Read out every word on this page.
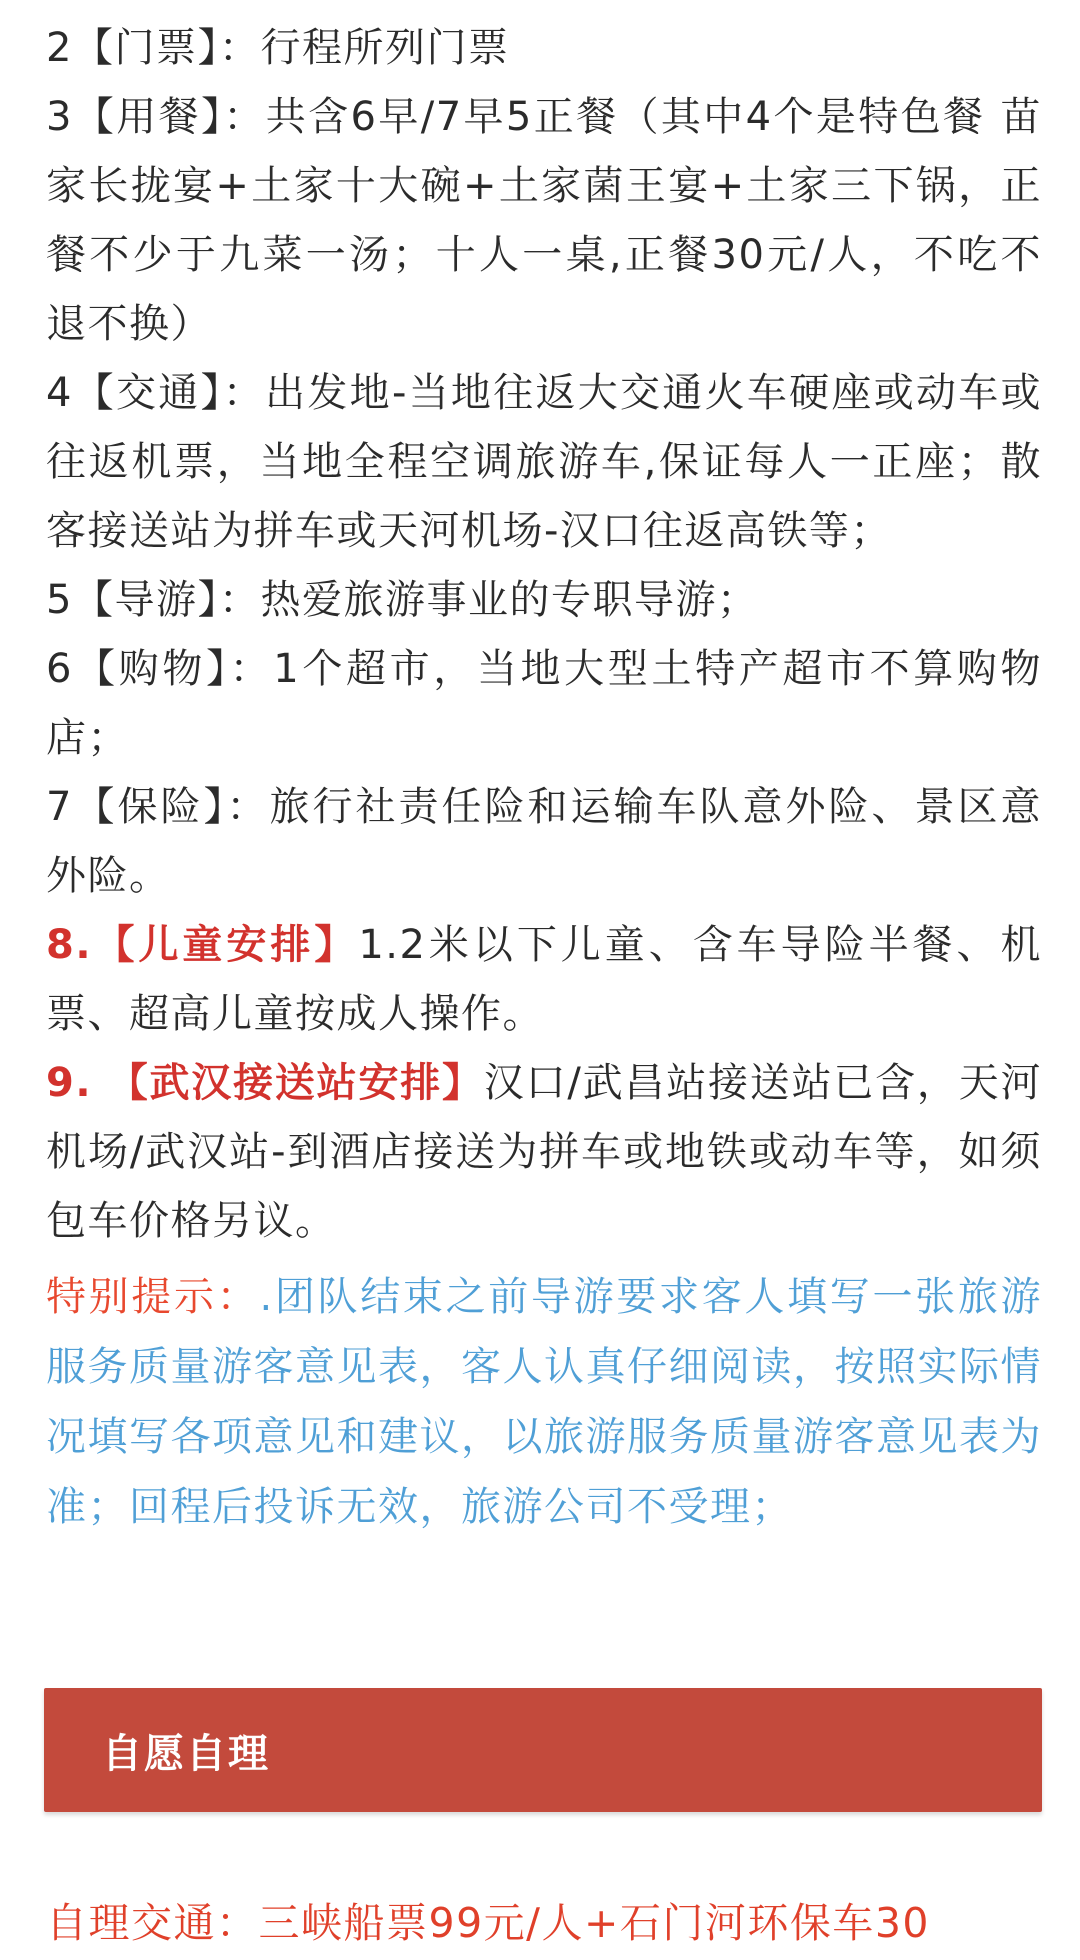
2【门票】：行程所列门票

3【用餐】：共含6早/7早5正餐（其中4个是特色餐 苗家长拢宴+土家十大碗+土家菌王宴+土家三下锅，正餐不少于九菜一汤；十人一桌,正餐30元/人，不吃不退不换）

4【交通】：出发地-当地往返大交通火车硬座或动车或往返机票，当地全程空调旅游车,保证每人一正座；散客接送站为拼车或天河机场-汉口往返高铁等；

5【导游】：热爱旅游事业的专职导游；

6【购物】：1个超市，当地大型土特产超市不算购物店；

7【保险】：旅行社责任险和运输车队意外险、景区意外险。

8.【儿童安排】1.2米以下儿童、含车导险半餐、机票、超高儿童按成人操作。

9. 【武汉接送站安排】汉口/武昌站接送站已含，天河机场/武汉站-到酒店接送为拼车或地铁或动车等，如须包车价格另议。

特别提示：.团队结束之前导游要求客人填写一张旅游服务质量游客意见表，客人认真仔细阅读，按照实际情况填写各项意见和建议，以旅游服务质量游客意见表为准；回程后投诉无效，旅游公司不受理；

自愿自理
自理交通：三峡船票99元/人+石门河环保车30
